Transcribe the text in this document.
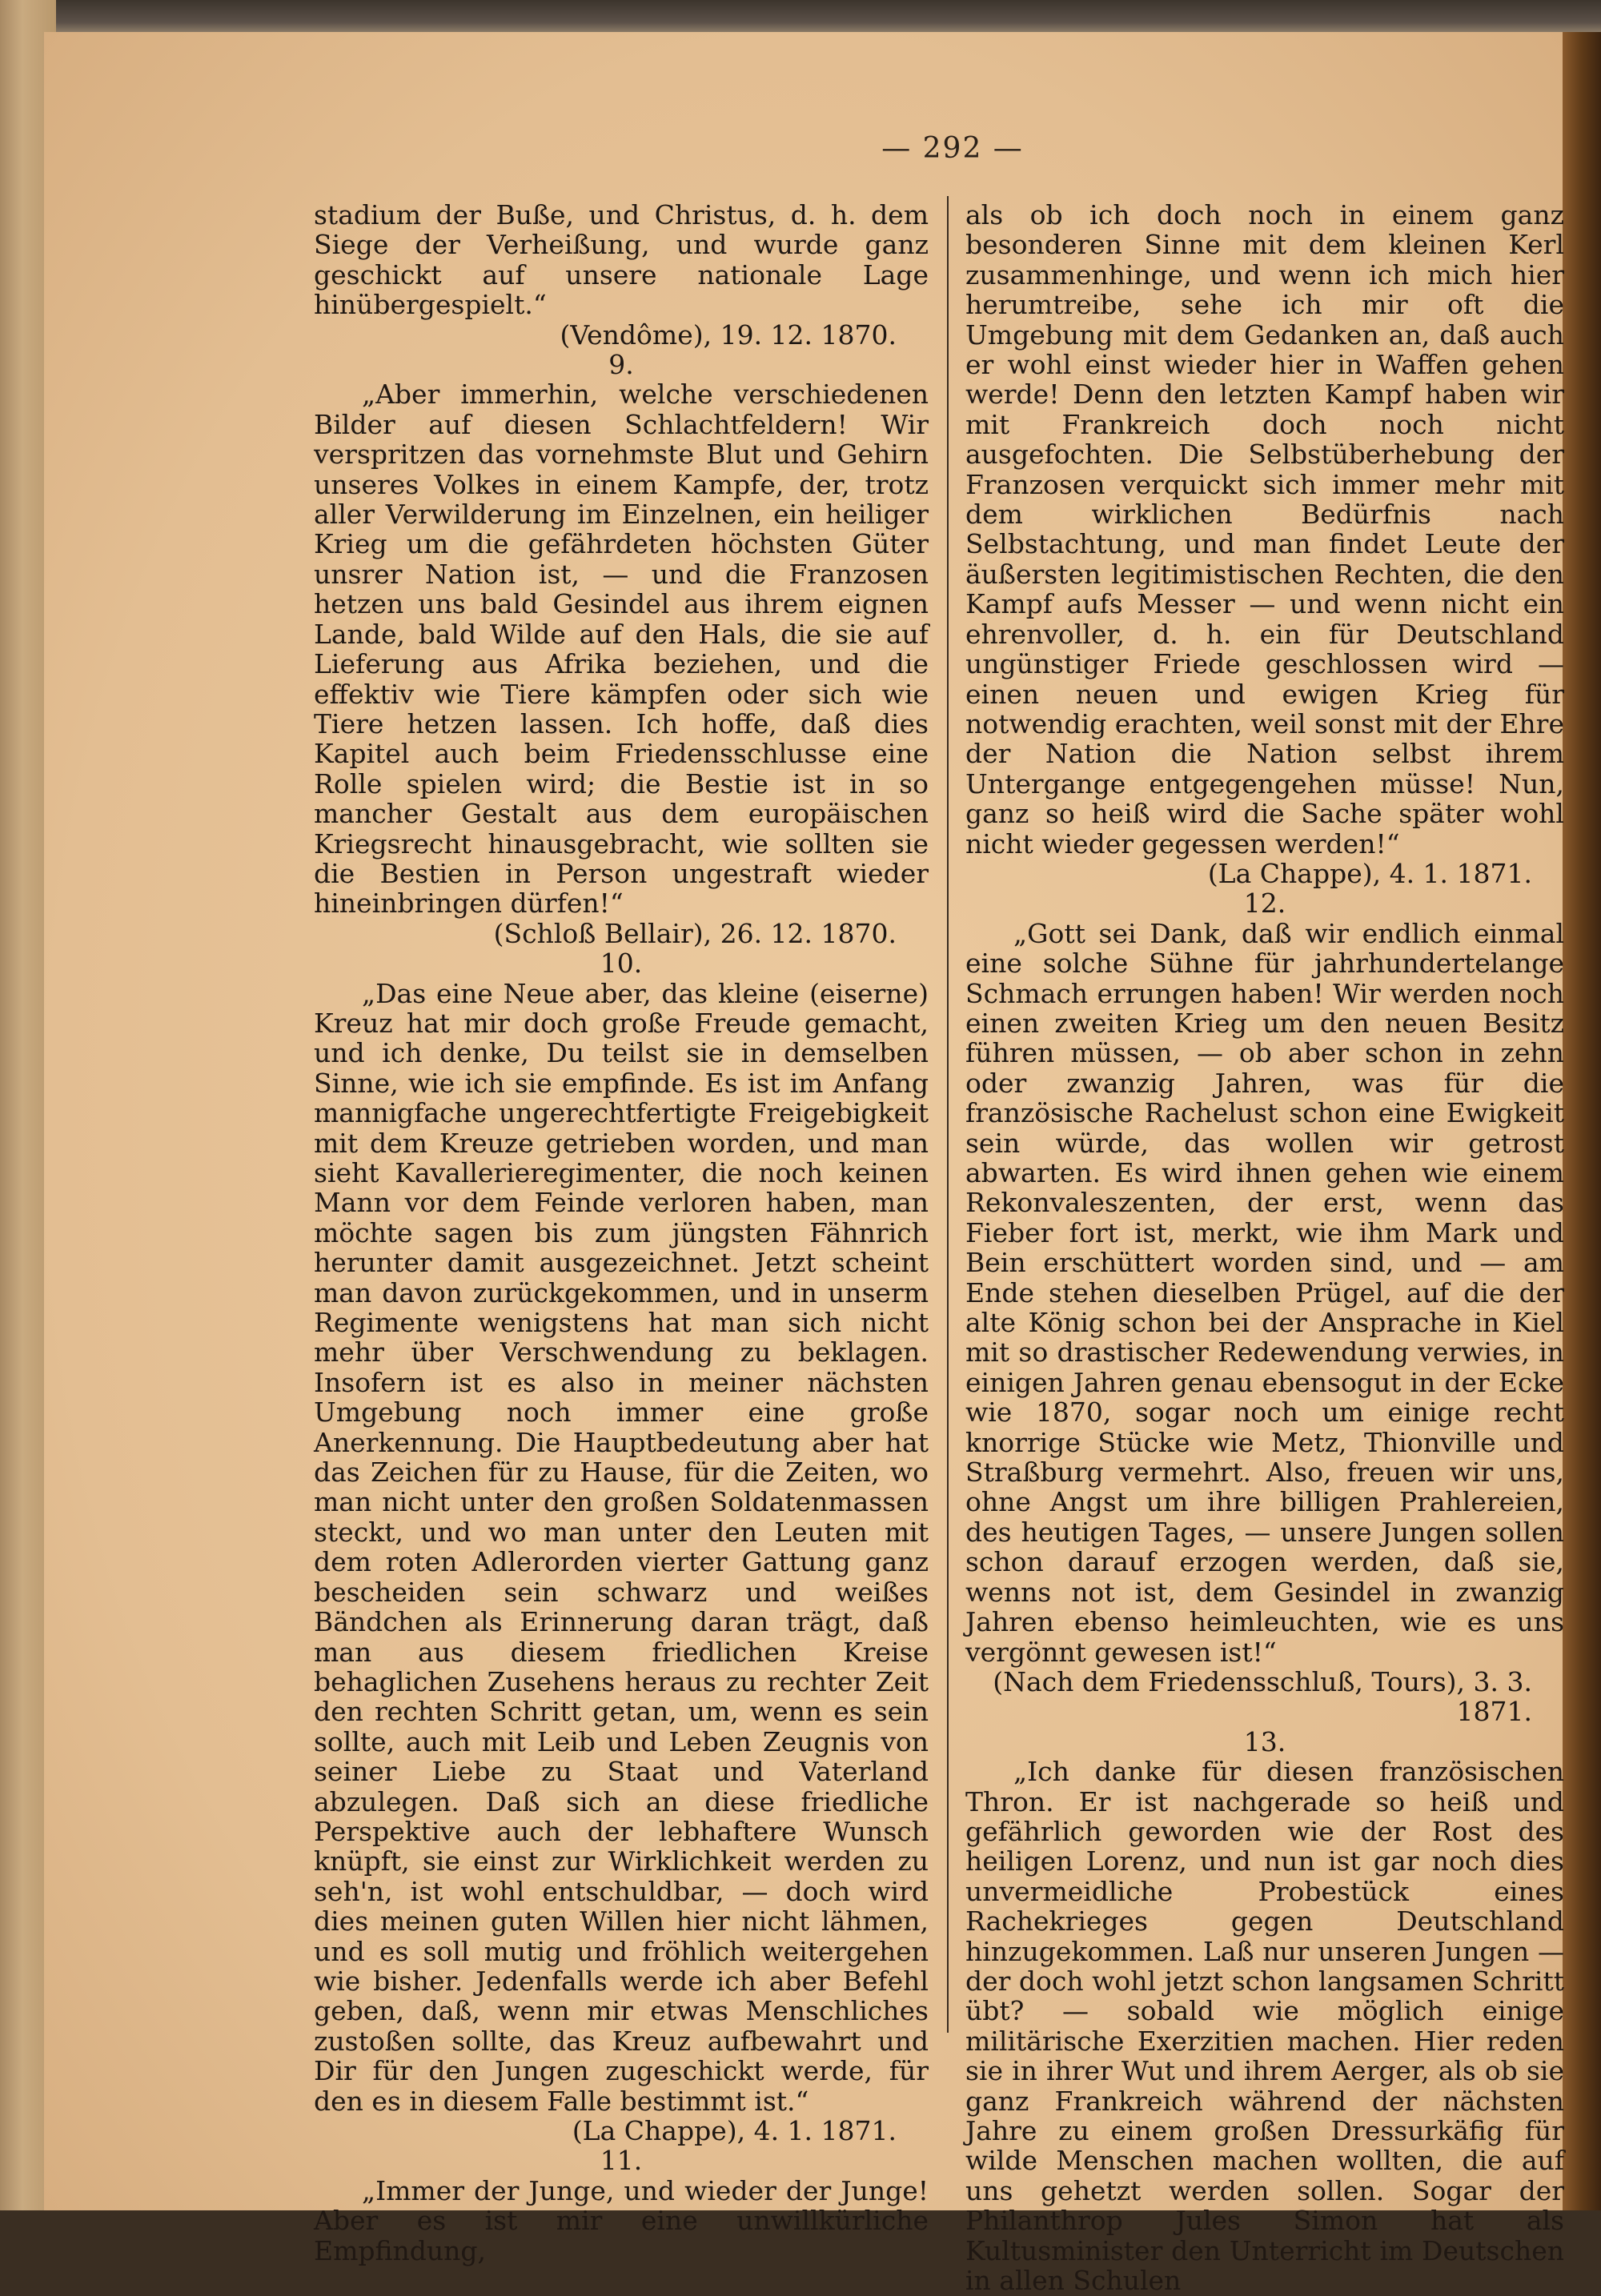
— 292 —

stadium der Buße, und Christus, d. h. dem Siege der Verheißung, und wurde ganz geschickt auf unsere nationale Lage hinübergespielt.“

(Vendôme), 19. 12. 1870.

9.

„Aber immerhin, welche verschiedenen Bilder auf diesen Schlachtfeldern! Wir verspritzen das vornehmste Blut und Gehirn unseres Volkes in einem Kampfe, der, trotz aller Verwilderung im Einzelnen, ein heiliger Krieg um die gefährdeten höchsten Güter unsrer Nation ist, — und die Franzosen hetzen uns bald Gesindel aus ihrem eignen Lande, bald Wilde auf den Hals, die sie auf Lieferung aus Afrika beziehen, und die effektiv wie Tiere kämpfen oder sich wie Tiere hetzen lassen. Ich hoffe, daß dies Kapitel auch beim Friedensschlusse eine Rolle spielen wird; die Bestie ist in so mancher Gestalt aus dem europäischen Kriegsrecht hinausgebracht, wie sollten sie die Bestien in Person ungestraft wieder hineinbringen dürfen!“

(Schloß Bellair), 26. 12. 1870.

10.

„Das eine Neue aber, das kleine (eiserne) Kreuz hat mir doch große Freude gemacht, und ich denke, Du teilst sie in demselben Sinne, wie ich sie empfinde. Es ist im Anfang mannigfache ungerechtfertigte Freigebigkeit mit dem Kreuze getrieben worden, und man sieht Kavallerieregimenter, die noch keinen Mann vor dem Feinde verloren haben, man möchte sagen bis zum jüngsten Fähnrich herunter damit ausgezeichnet. Jetzt scheint man davon zurückgekommen, und in unserm Regimente wenigstens hat man sich nicht mehr über Verschwendung zu beklagen. Insofern ist es also in meiner nächsten Umgebung noch immer eine große Anerkennung. Die Hauptbedeutung aber hat das Zeichen für zu Hause, für die Zeiten, wo man nicht unter den großen Soldatenmassen steckt, und wo man unter den Leuten mit dem roten Adlerorden vierter Gattung ganz bescheiden sein schwarz und weißes Bändchen als Erinnerung daran trägt, daß man aus diesem friedlichen Kreise behaglichen Zusehens heraus zu rechter Zeit den rechten Schritt getan, um, wenn es sein sollte, auch mit Leib und Leben Zeugnis von seiner Liebe zu Staat und Vaterland abzulegen. Daß sich an diese friedliche Perspektive auch der lebhaftere Wunsch knüpft, sie einst zur Wirklichkeit werden zu seh'n, ist wohl entschuldbar, — doch wird dies meinen guten Willen hier nicht lähmen, und es soll mutig und fröhlich weitergehen wie bisher. Jedenfalls werde ich aber Befehl geben, daß, wenn mir etwas Menschliches zustoßen sollte, das Kreuz aufbewahrt und Dir für den Jungen zugeschickt werde, für den es in diesem Falle bestimmt ist.“

(La Chappe), 4. 1. 1871.

11.

„Immer der Junge, und wieder der Junge! Aber es ist mir eine unwillkürliche Empfindung,

als ob ich doch noch in einem ganz besonderen Sinne mit dem kleinen Kerl zusammenhinge, und wenn ich mich hier herumtreibe, sehe ich mir oft die Umgebung mit dem Gedanken an, daß auch er wohl einst wieder hier in Waffen gehen werde! Denn den letzten Kampf haben wir mit Frankreich doch noch nicht ausgefochten. Die Selbstüberhebung der Franzosen verquickt sich immer mehr mit dem wirklichen Bedürfnis nach Selbstachtung, und man findet Leute der äußersten legitimistischen Rechten, die den Kampf aufs Messer — und wenn nicht ein ehrenvoller, d. h. ein für Deutschland ungünstiger Friede geschlossen wird — einen neuen und ewigen Krieg für notwendig erachten, weil sonst mit der Ehre der Nation die Nation selbst ihrem Untergange entgegengehen müsse! Nun, ganz so heiß wird die Sache später wohl nicht wieder gegessen werden!“

(La Chappe), 4. 1. 1871.

12.

„Gott sei Dank, daß wir endlich einmal eine solche Sühne für jahrhundertelange Schmach errungen haben! Wir werden noch einen zweiten Krieg um den neuen Besitz führen müssen, — ob aber schon in zehn oder zwanzig Jahren, was für die französische Rachelust schon eine Ewigkeit sein würde, das wollen wir getrost abwarten. Es wird ihnen gehen wie einem Rekonvaleszenten, der erst, wenn das Fieber fort ist, merkt, wie ihm Mark und Bein erschüttert worden sind, und — am Ende stehen dieselben Prügel, auf die der alte König schon bei der Ansprache in Kiel mit so drastischer Redewendung verwies, in einigen Jahren genau ebensogut in der Ecke wie 1870, sogar noch um einige recht knorrige Stücke wie Metz, Thionville und Straßburg vermehrt. Also, freuen wir uns, ohne Angst um ihre billigen Prahlereien, des heutigen Tages, — unsere Jungen sollen schon darauf erzogen werden, daß sie, wenns not ist, dem Gesindel in zwanzig Jahren ebenso heimleuchten, wie es uns vergönnt gewesen ist!“

(Nach dem Friedensschluß, Tours), 3. 3. 1871.

13.

„Ich danke für diesen französischen Thron. Er ist nachgerade so heiß und gefährlich geworden wie der Rost des heiligen Lorenz, und nun ist gar noch dies unvermeidliche Probestück eines Rachekrieges gegen Deutschland hinzugekommen. Laß nur unseren Jungen — der doch wohl jetzt schon langsamen Schritt übt? — sobald wie möglich einige militärische Exerzitien machen. Hier reden sie in ihrer Wut und ihrem Aerger, als ob sie ganz Frankreich während der nächsten Jahre zu einem großen Dressurkäfig für wilde Menschen machen wollten, die auf uns gehetzt werden sollen. Sogar der Philanthrop Jules Simon hat als Kultusminister den Unterricht im Deutschen in allen Schulen
